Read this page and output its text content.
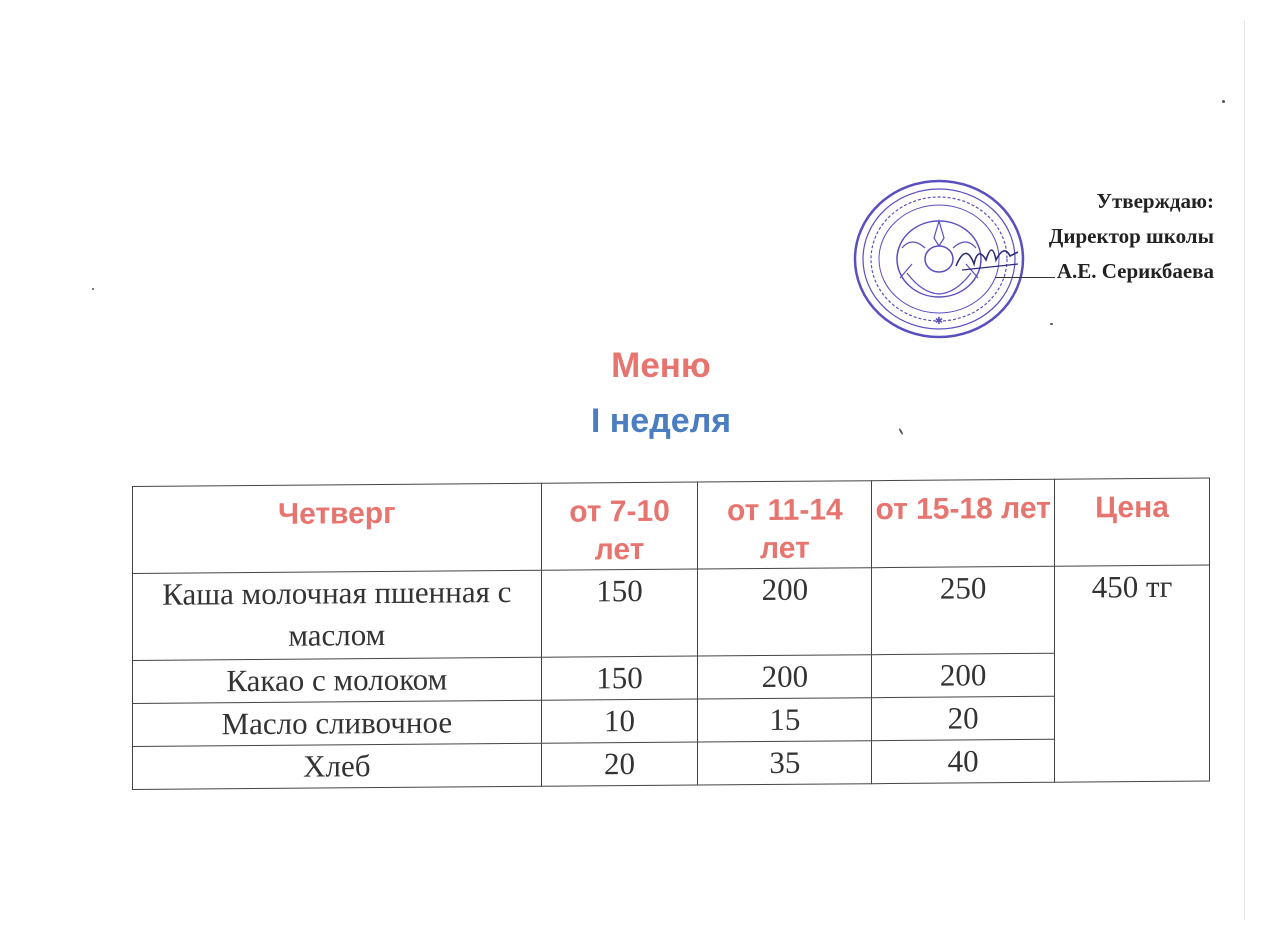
✱
Утверждаю:
Директор школы
А.Е. Серикбаева
Меню
I неделя
Четверг	от 7-10 лет	от 11-14 лет	от 15-18 лет	Цена
Каша молочная пшенная с маслом	150	200	250	450 тг
Какао с молоком	150	200	200	
Масло сливочное	10	15	20	
Хлеб	20	35	40	
